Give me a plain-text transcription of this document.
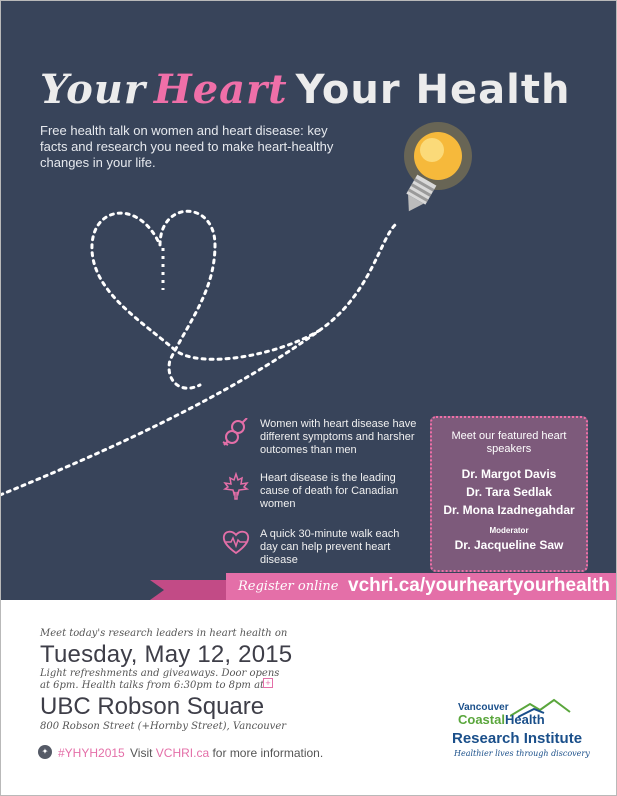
Your Heart Your Health
Free health talk on women and heart disease: key facts and research you need to make heart-healthy changes in your life.
Women with heart disease have different symptoms and harsher outcomes than men
Heart disease is the leading cause of death for Canadian women
A quick 30-minute walk each day can help prevent heart disease
Meet our featured heart speakers
Dr. Margot Davis
Dr. Tara Sedlak
Dr. Mona Izadnegahdar
Moderator
Dr. Jacqueline Saw
Register online vchri.ca/yourheartyourhealth
Meet today's research leaders in heart health on
Tuesday, May 12, 2015
Light refreshments and giveaways. Door opens at 6pm. Health talks from 6:30pm to 8pm at +
UBC Robson Square
800 Robson Street (+Hornby Street), Vancouver
✦ #YHYH2015 Visit VCHRI.ca for more information.
Vancouver
CoastalHealth
Research Institute
Healthier lives through discovery
